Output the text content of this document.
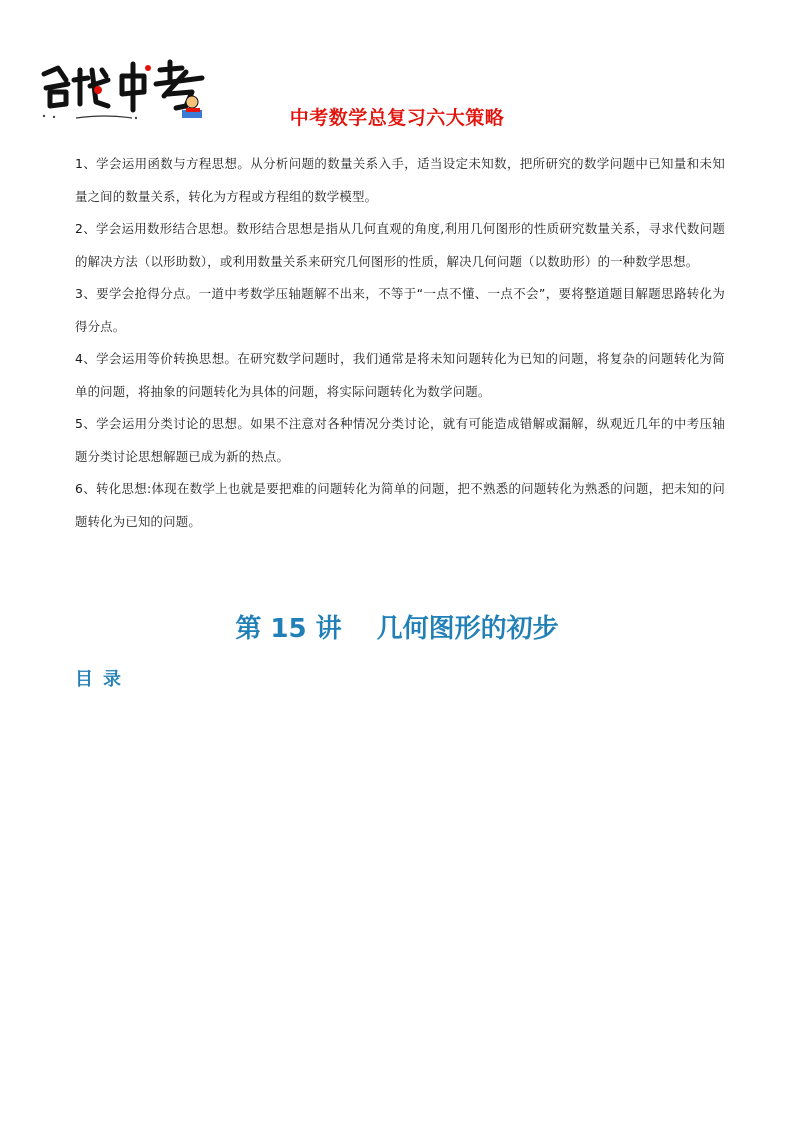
中考数学总复习六大策略
1、学会运用函数与方程思想。从分析问题的数量关系入手，适当设定未知数，把所研究的数学问题中已知量和未知量之间的数量关系，转化为方程或方程组的数学模型。
2、学会运用数形结合思想。数形结合思想是指从几何直观的角度,利用几何图形的性质研究数量关系，寻求代数问题的解决方法（以形助数），或利用数量关系来研究几何图形的性质，解决几何问题（以数助形）的一种数学思想。
3、要学会抢得分点。一道中考数学压轴题解不出来，不等于“一点不懂、一点不会”，要将整道题目解题思路转化为得分点。
4、学会运用等价转换思想。在研究数学问题时，我们通常是将未知问题转化为已知的问题，将复杂的问题转化为简单的问题，将抽象的问题转化为具体的问题，将实际问题转化为数学问题。
5、学会运用分类讨论的思想。如果不注意对各种情况分类讨论，就有可能造成错解或漏解，纵观近几年的中考压轴题分类讨论思想解题已成为新的热点。
6、转化思想:体现在数学上也就是要把难的问题转化为简单的问题，把不熟悉的问题转化为熟悉的问题，把未知的问题转化为已知的问题。
第 15 讲　 几何图形的初步
目录
